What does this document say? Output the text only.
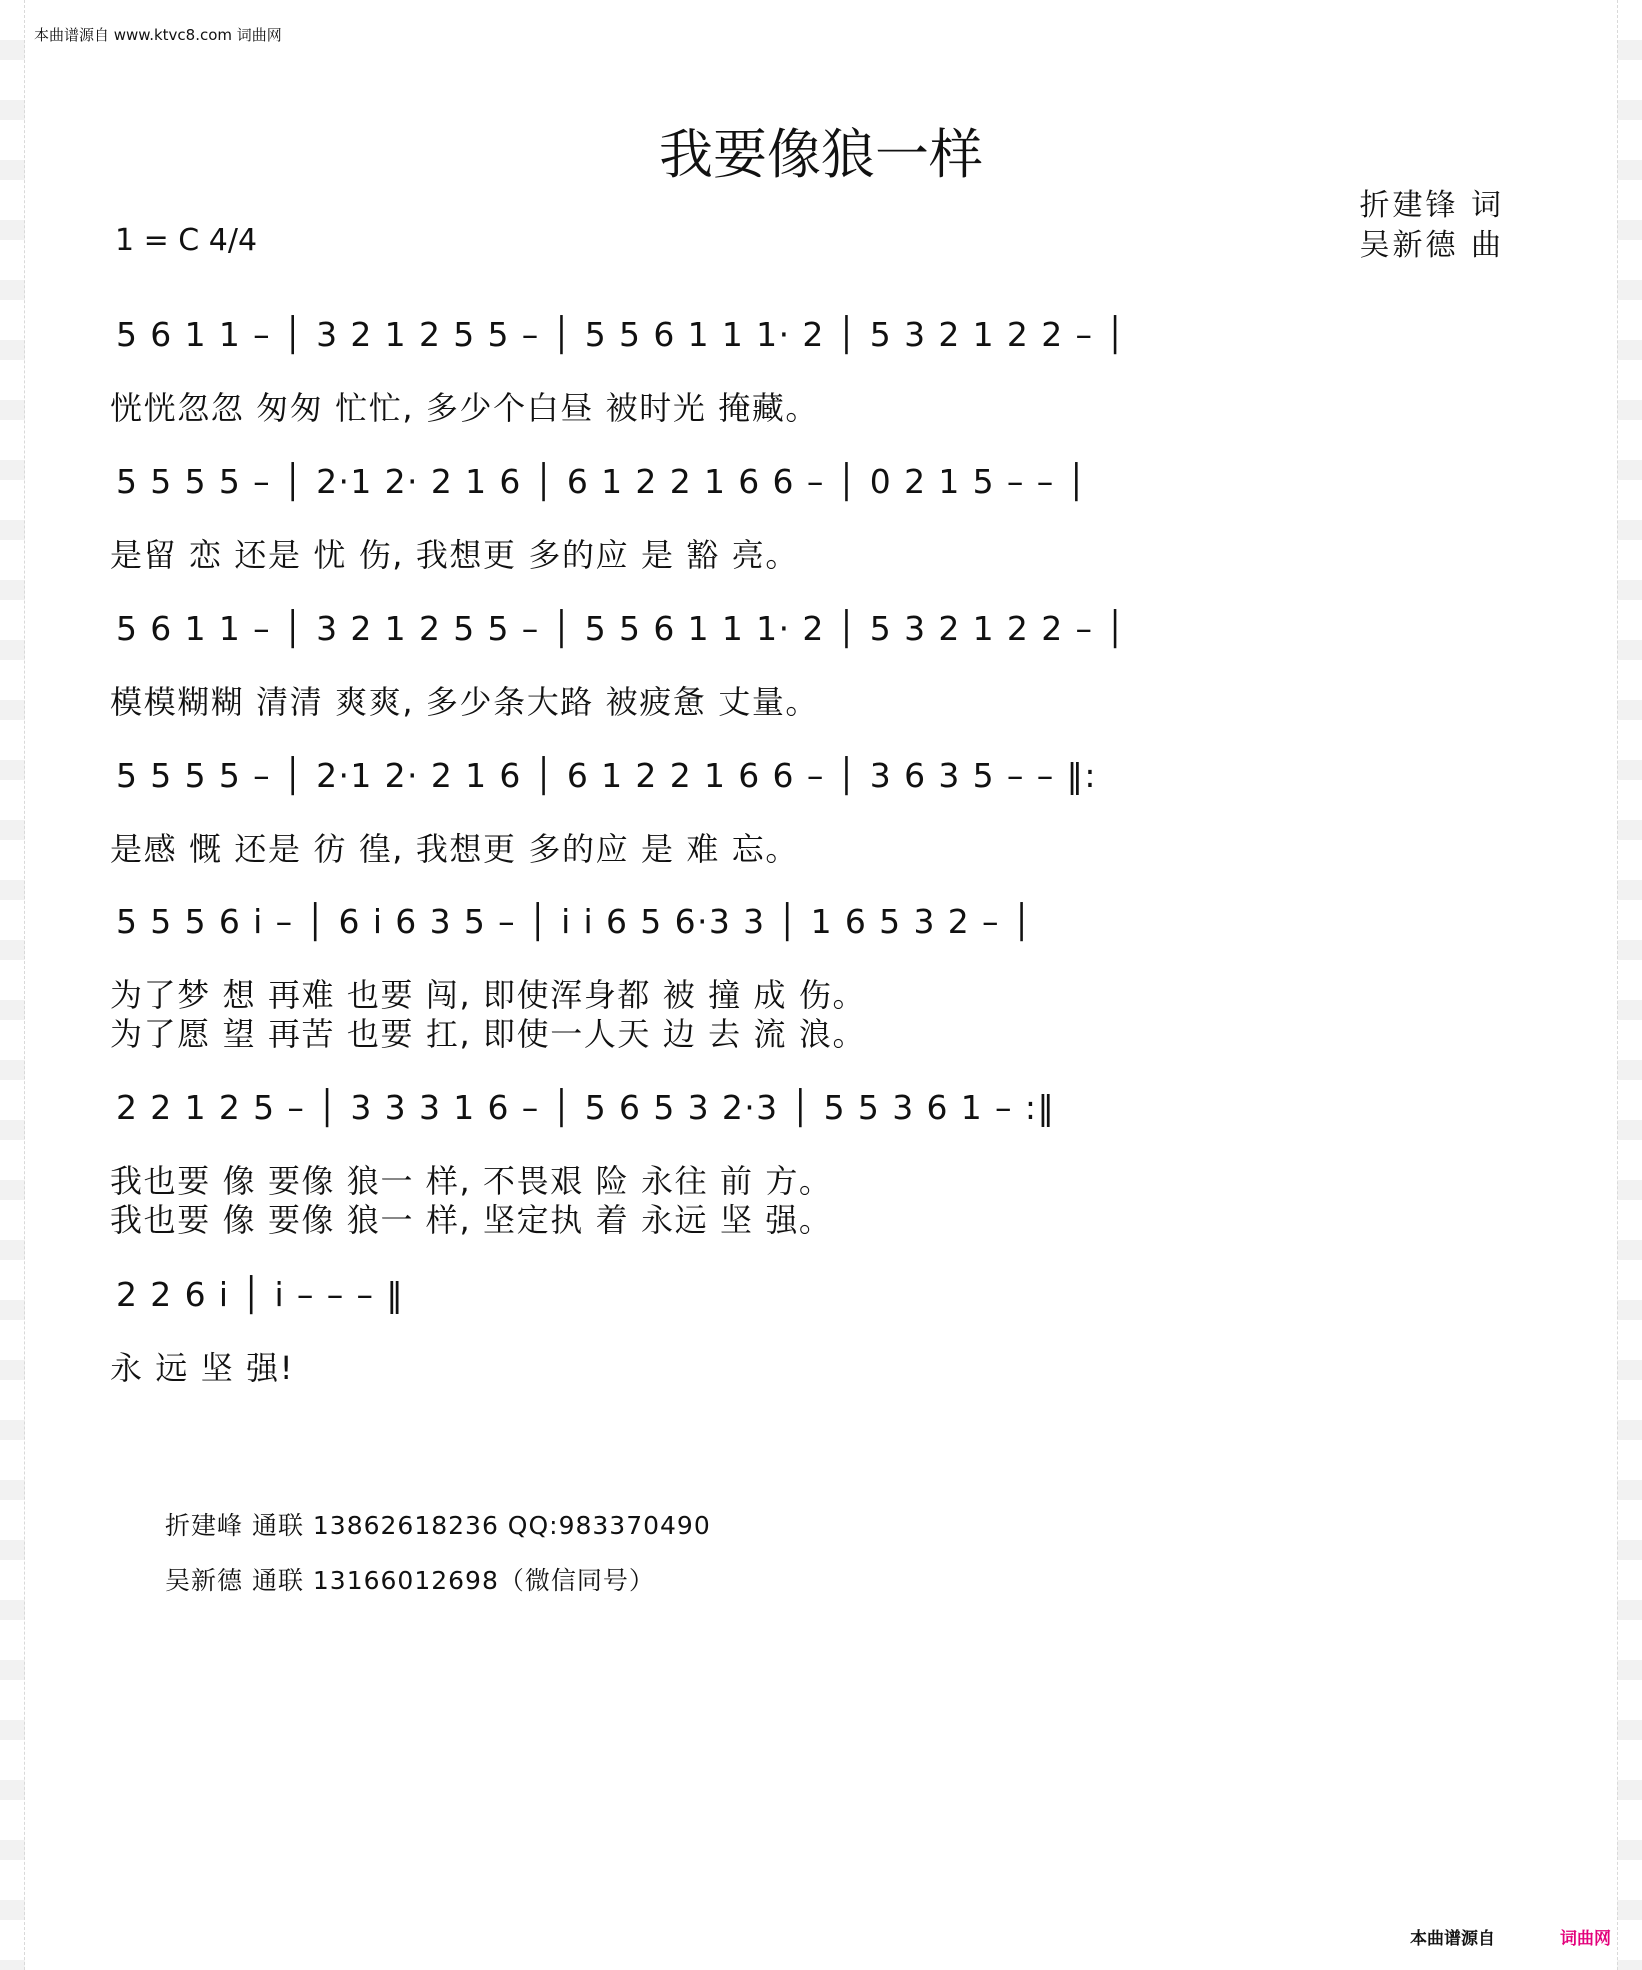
本曲谱源自 www.ktvc8.com 词曲网
我要像狼一样
折建锋 词
吴新德 曲
1 = C 4/4
5 6 1 1 – │ 3 2 1 2 5 5 – │ 5 5 6 1 1 1· 2 │ 5 3 2 1 2 2 – │
恍恍忽忽 匆匆 忙忙, 多少个白昼 被时光 掩藏。
5 5 5 5 – │ 2·1 2· 2 1 6 │ 6 1 2 2 1 6 6 – │ 0 2 1 5 – – │
是留 恋 还是 忧 伤, 我想更 多的应 是 豁 亮。
5 6 1 1 – │ 3 2 1 2 5 5 – │ 5 5 6 1 1 1· 2 │ 5 3 2 1 2 2 – │
模模糊糊 清清 爽爽, 多少条大路 被疲惫 丈量。
5 5 5 5 – │ 2·1 2· 2 1 6 │ 6 1 2 2 1 6 6 – │ 3 6 3 5 – – ‖:
是感 慨 还是 彷 徨, 我想更 多的应 是 难 忘。
5 5 5 6 i – │ 6 i 6 3 5 – │ i i 6 5 6·3 3 │ 1 6 5 3 2 – │
为了梦 想 再难 也要 闯, 即使浑身都 被 撞 成 伤。
为了愿 望 再苦 也要 扛, 即使一人天 边 去 流 浪。
2 2 1 2 5 – │ 3 3 3 1 6 – │ 5 6 5 3 2·3 │ 5 5 3 6 1 – :‖
我也要 像 要像 狼一 样, 不畏艰 险 永往 前 方。
我也要 像 要像 狼一 样, 坚定执 着 永远 坚 强。
2 2 6 i │ i – – – ‖
永 远 坚 强!
折建峰 通联 13862618236 QQ:983370490
吴新德 通联 13166012698（微信同号）
本曲谱源自	词曲网
